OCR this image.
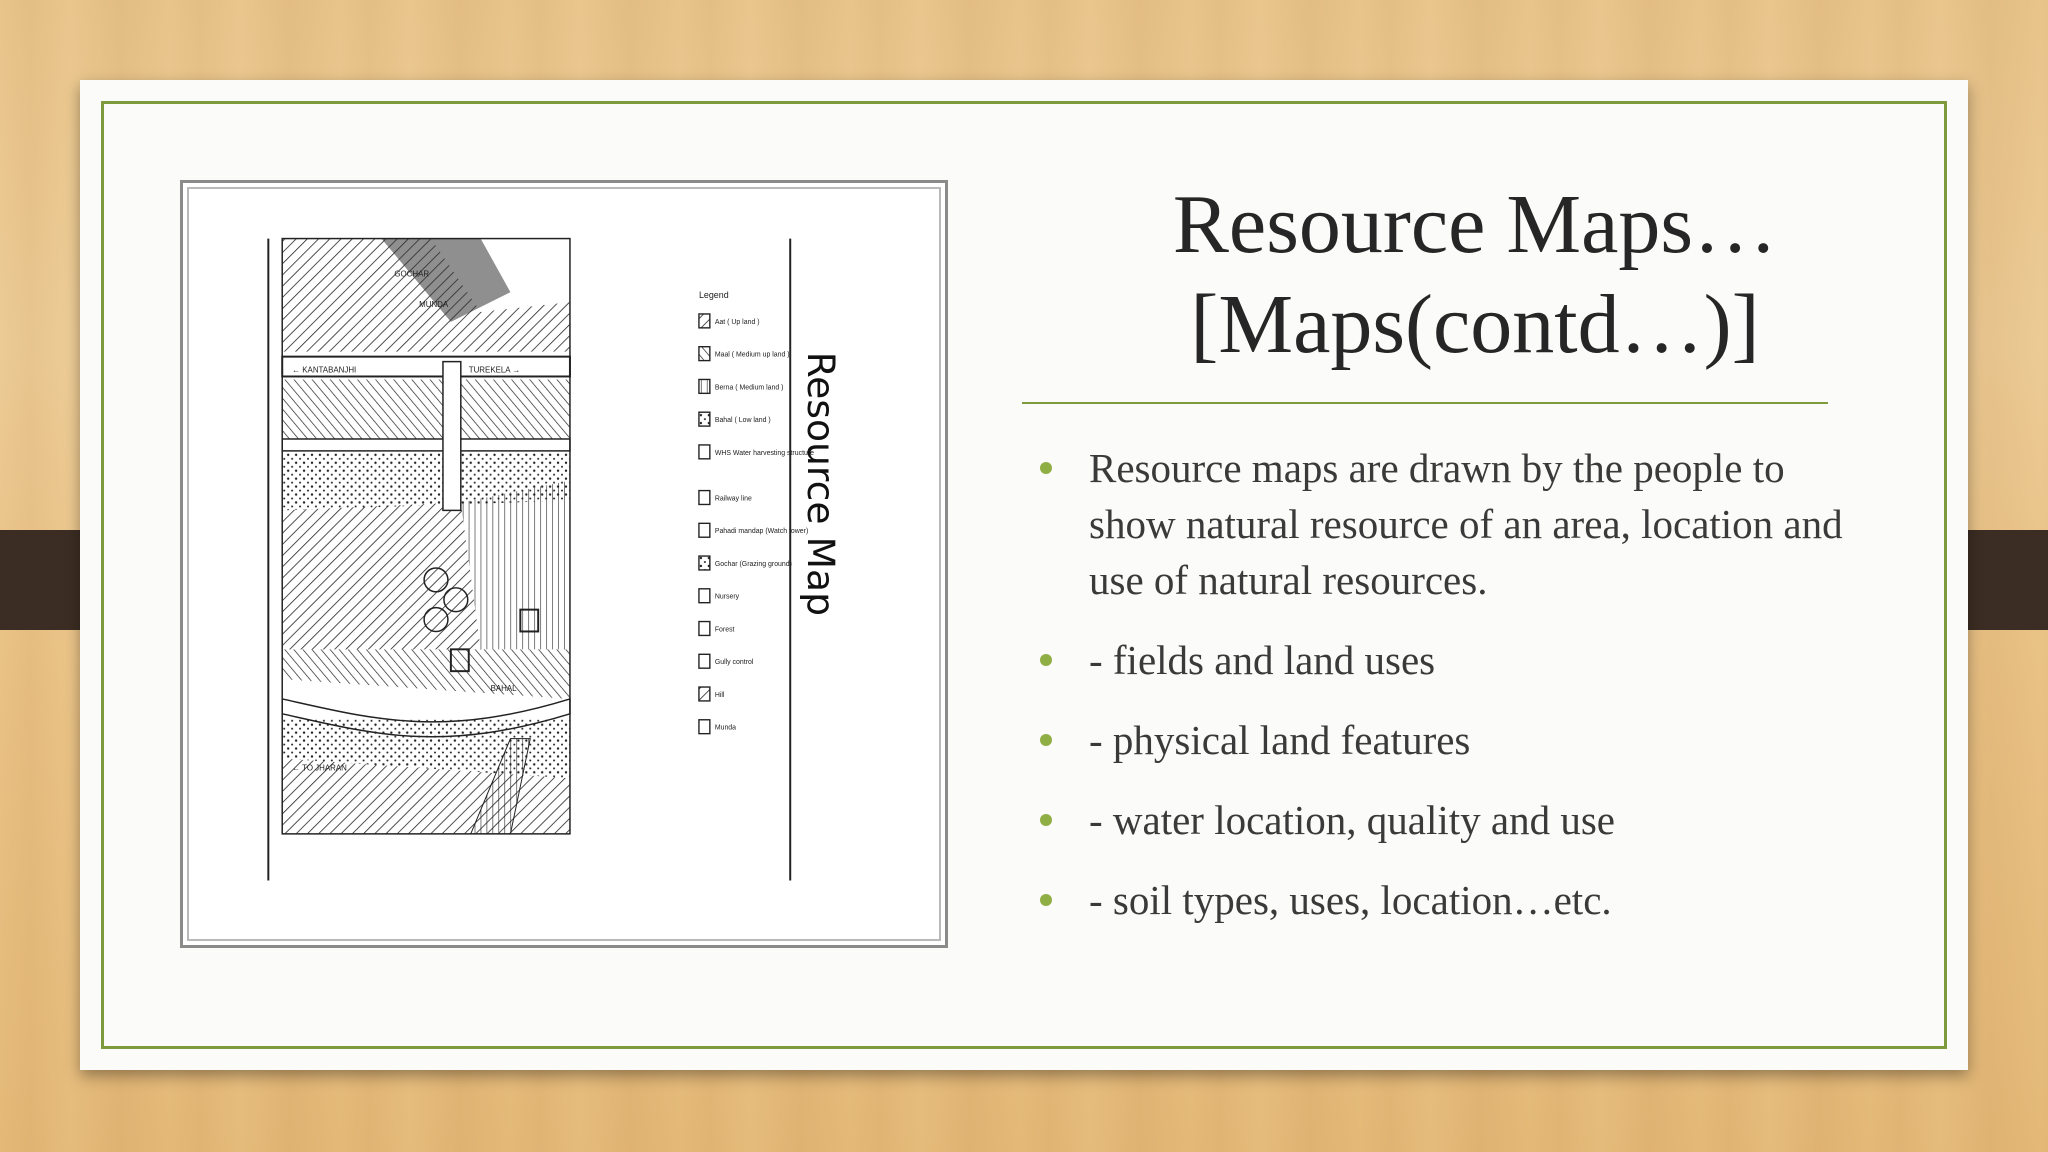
GOCHAR
MUNDA
← KANTABANJHI	TUREKELA →
BAHAL
← TO JHARAN
Legend
Aat ( Up land )
Maal ( Medium up land )
Berna ( Medium land )
Bahal ( Low land )
WHS Water harvesting structure
Railway line
Pahadi mandap (Watch tower)
Gochar (Grazing ground)
Nursery
Forest
Gully control
Hill
Munda
Resource Map
Resource Maps…
[Maps(contd…)]
Resource maps are drawn by the people to show natural resource of an area, location and use of natural resources.
- fields and land uses
- physical land features
- water location, quality and use
- soil types, uses, location…etc.
